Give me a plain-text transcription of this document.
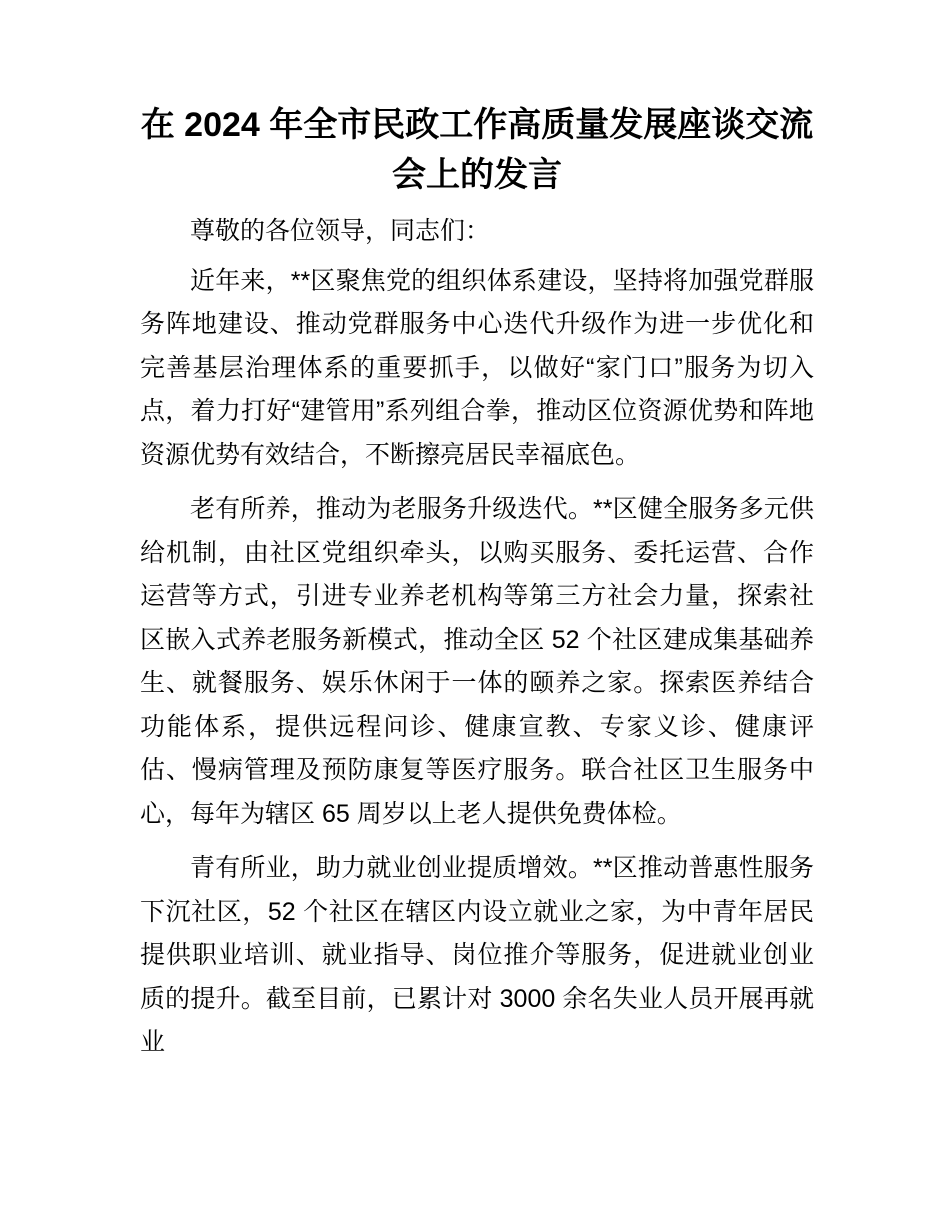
在 2024 年全市民政工作高质量发展座谈交流会上的发言

尊敬的各位领导，同志们：

近年来，**区聚焦党的组织体系建设，坚持将加强党群服务阵地建设、推动党群服务中心迭代升级作为进一步优化和完善基层治理体系的重要抓手，以做好“家门口”服务为切入点，着力打好“建管用”系列组合拳，推动区位资源优势和阵地资源优势有效结合，不断擦亮居民幸福底色。

老有所养，推动为老服务升级迭代。**区健全服务多元供给机制，由社区党组织牵头，以购买服务、委托运营、合作运营等方式，引进专业养老机构等第三方社会力量，探索社区嵌入式养老服务新模式，推动全区 52 个社区建成集基础养生、就餐服务、娱乐休闲于一体的颐养之家。探索医养结合功能体系，提供远程问诊、健康宣教、专家义诊、健康评估、慢病管理及预防康复等医疗服务。联合社区卫生服务中心，每年为辖区 65 周岁以上老人提供免费体检。

青有所业，助力就业创业提质增效。**区推动普惠性服务下沉社区，52 个社区在辖区内设立就业之家，为中青年居民提供职业培训、就业指导、岗位推介等服务，促进就业创业质的提升。截至目前，已累计对 3000 余名失业人员开展再就业
